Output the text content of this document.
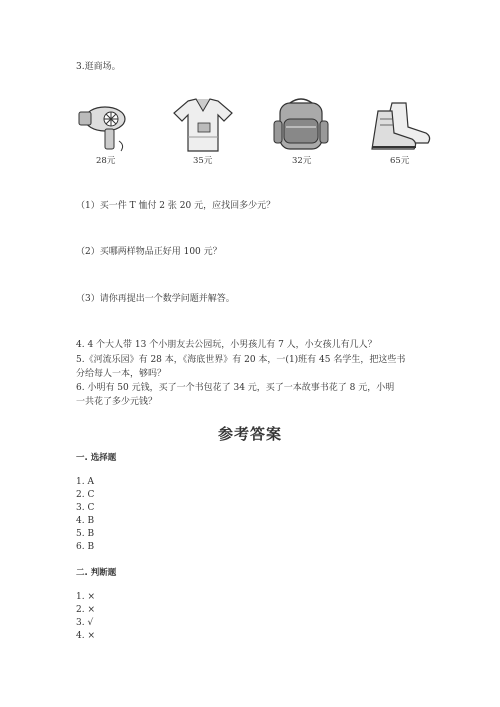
3.逛商场。
28元	35元	32元	65元
（1）买一件 T 恤付 2 张 20 元，应找回多少元？
（2）买哪两样物品正好用 100 元？
（3）请你再提出一个数学问题并解答。
4. 4 个大人带 13 个小朋友去公园玩，小男孩儿有 7 人，小女孩儿有几人？
5.《河流乐园》有 28 本，《海底世界》有 20 本，一(1)班有 45 名学生，把这些书
分给每人一本，够吗？
6. 小明有 50 元钱，买了一个书包花了 34 元，买了一本故事书花了 8 元，小明
一共花了多少元钱？
参考答案
一. 选择题
1. A
2. C
3. C
4. B
5. B
6. B
二. 判断题
1. ×
2. ×
3. √
4. ×
